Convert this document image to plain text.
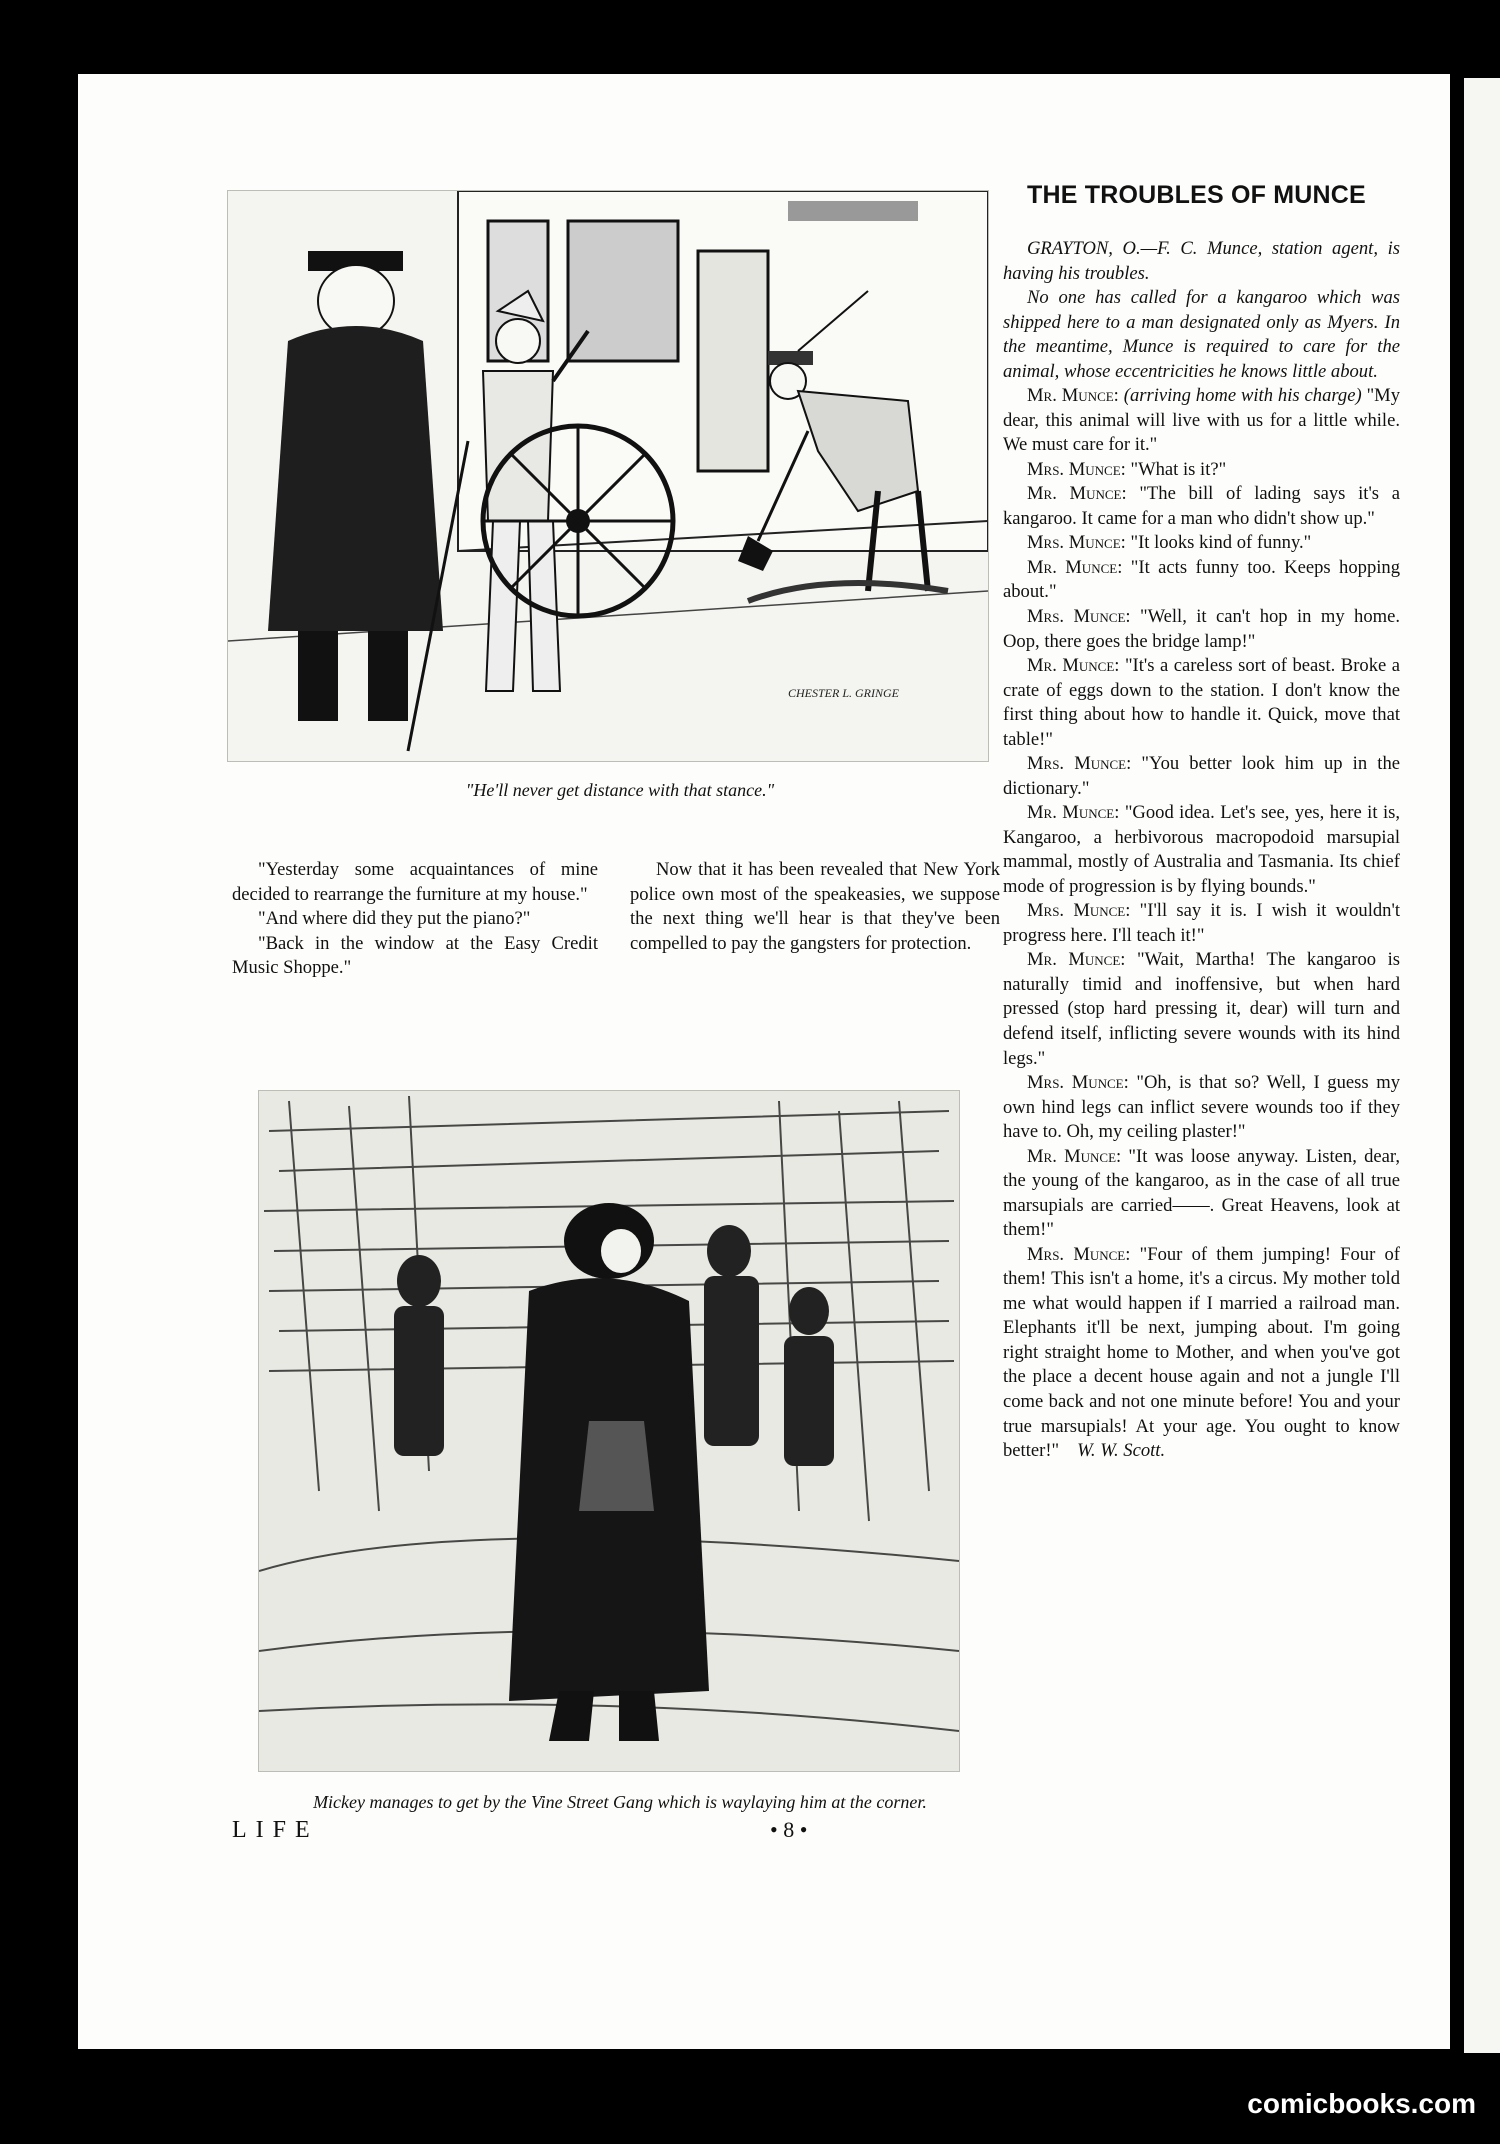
CHESTER L. GRINGE
"He'll never get distance with that stance."

"Yesterday some acquaintances of mine decided to rearrange the furniture at my house."

"And where did they put the piano?"

"Back in the window at the Easy Credit Music Shoppe."

Now that it has been revealed that New York police own most of the speakeasies, we suppose the next thing we'll hear is that they've been compelled to pay the gangsters for protection.

Mickey manages to get by the Vine Street Gang which is waylaying him at the corner.
THE TROUBLES OF MUNCE

GRAYTON, O.—F. C. Munce, station agent, is having his troubles.

No one has called for a kangaroo which was shipped here to a man designated only as Myers. In the meantime, Munce is required to care for the animal, whose eccentricities he knows little about.

Mr. Munce: (arriving home with his charge) "My dear, this animal will live with us for a little while. We must care for it."

Mrs. Munce: "What is it?"

Mr. Munce: "The bill of lading says it's a kangaroo. It came for a man who didn't show up."

Mrs. Munce: "It looks kind of funny."

Mr. Munce: "It acts funny too. Keeps hopping about."

Mrs. Munce: "Well, it can't hop in my home. Oop, there goes the bridge lamp!"

Mr. Munce: "It's a careless sort of beast. Broke a crate of eggs down to the station. I don't know the first thing about how to handle it. Quick, move that table!"

Mrs. Munce: "You better look him up in the dictionary."

Mr. Munce: "Good idea. Let's see, yes, here it is, Kangaroo, a herbivorous macropodoid marsupial mammal, mostly of Australia and Tasmania. Its chief mode of progression is by flying bounds."

Mrs. Munce: "I'll say it is. I wish it wouldn't progress here. I'll teach it!"

Mr. Munce: "Wait, Martha! The kangaroo is naturally timid and inoffensive, but when hard pressed (stop hard pressing it, dear) will turn and defend itself, inflicting severe wounds with its hind legs."

Mrs. Munce: "Oh, is that so? Well, I guess my own hind legs can inflict severe wounds too if they have to. Oh, my ceiling plaster!"

Mr. Munce: "It was loose anyway. Listen, dear, the young of the kangaroo, as in the case of all true marsupials are carried——. Great Heavens, look at them!"

Mrs. Munce: "Four of them jumping! Four of them! This isn't a home, it's a circus. My mother told me what would happen if I married a railroad man. Elephants it'll be next, jumping about. I'm going right straight home to Mother, and when you've got the place a decent house again and not a jungle I'll come back and not one minute before! You and your true marsupials! At your age. You ought to know better!" W. W. Scott.

LIFE	• 8 •
comicbooks.com
